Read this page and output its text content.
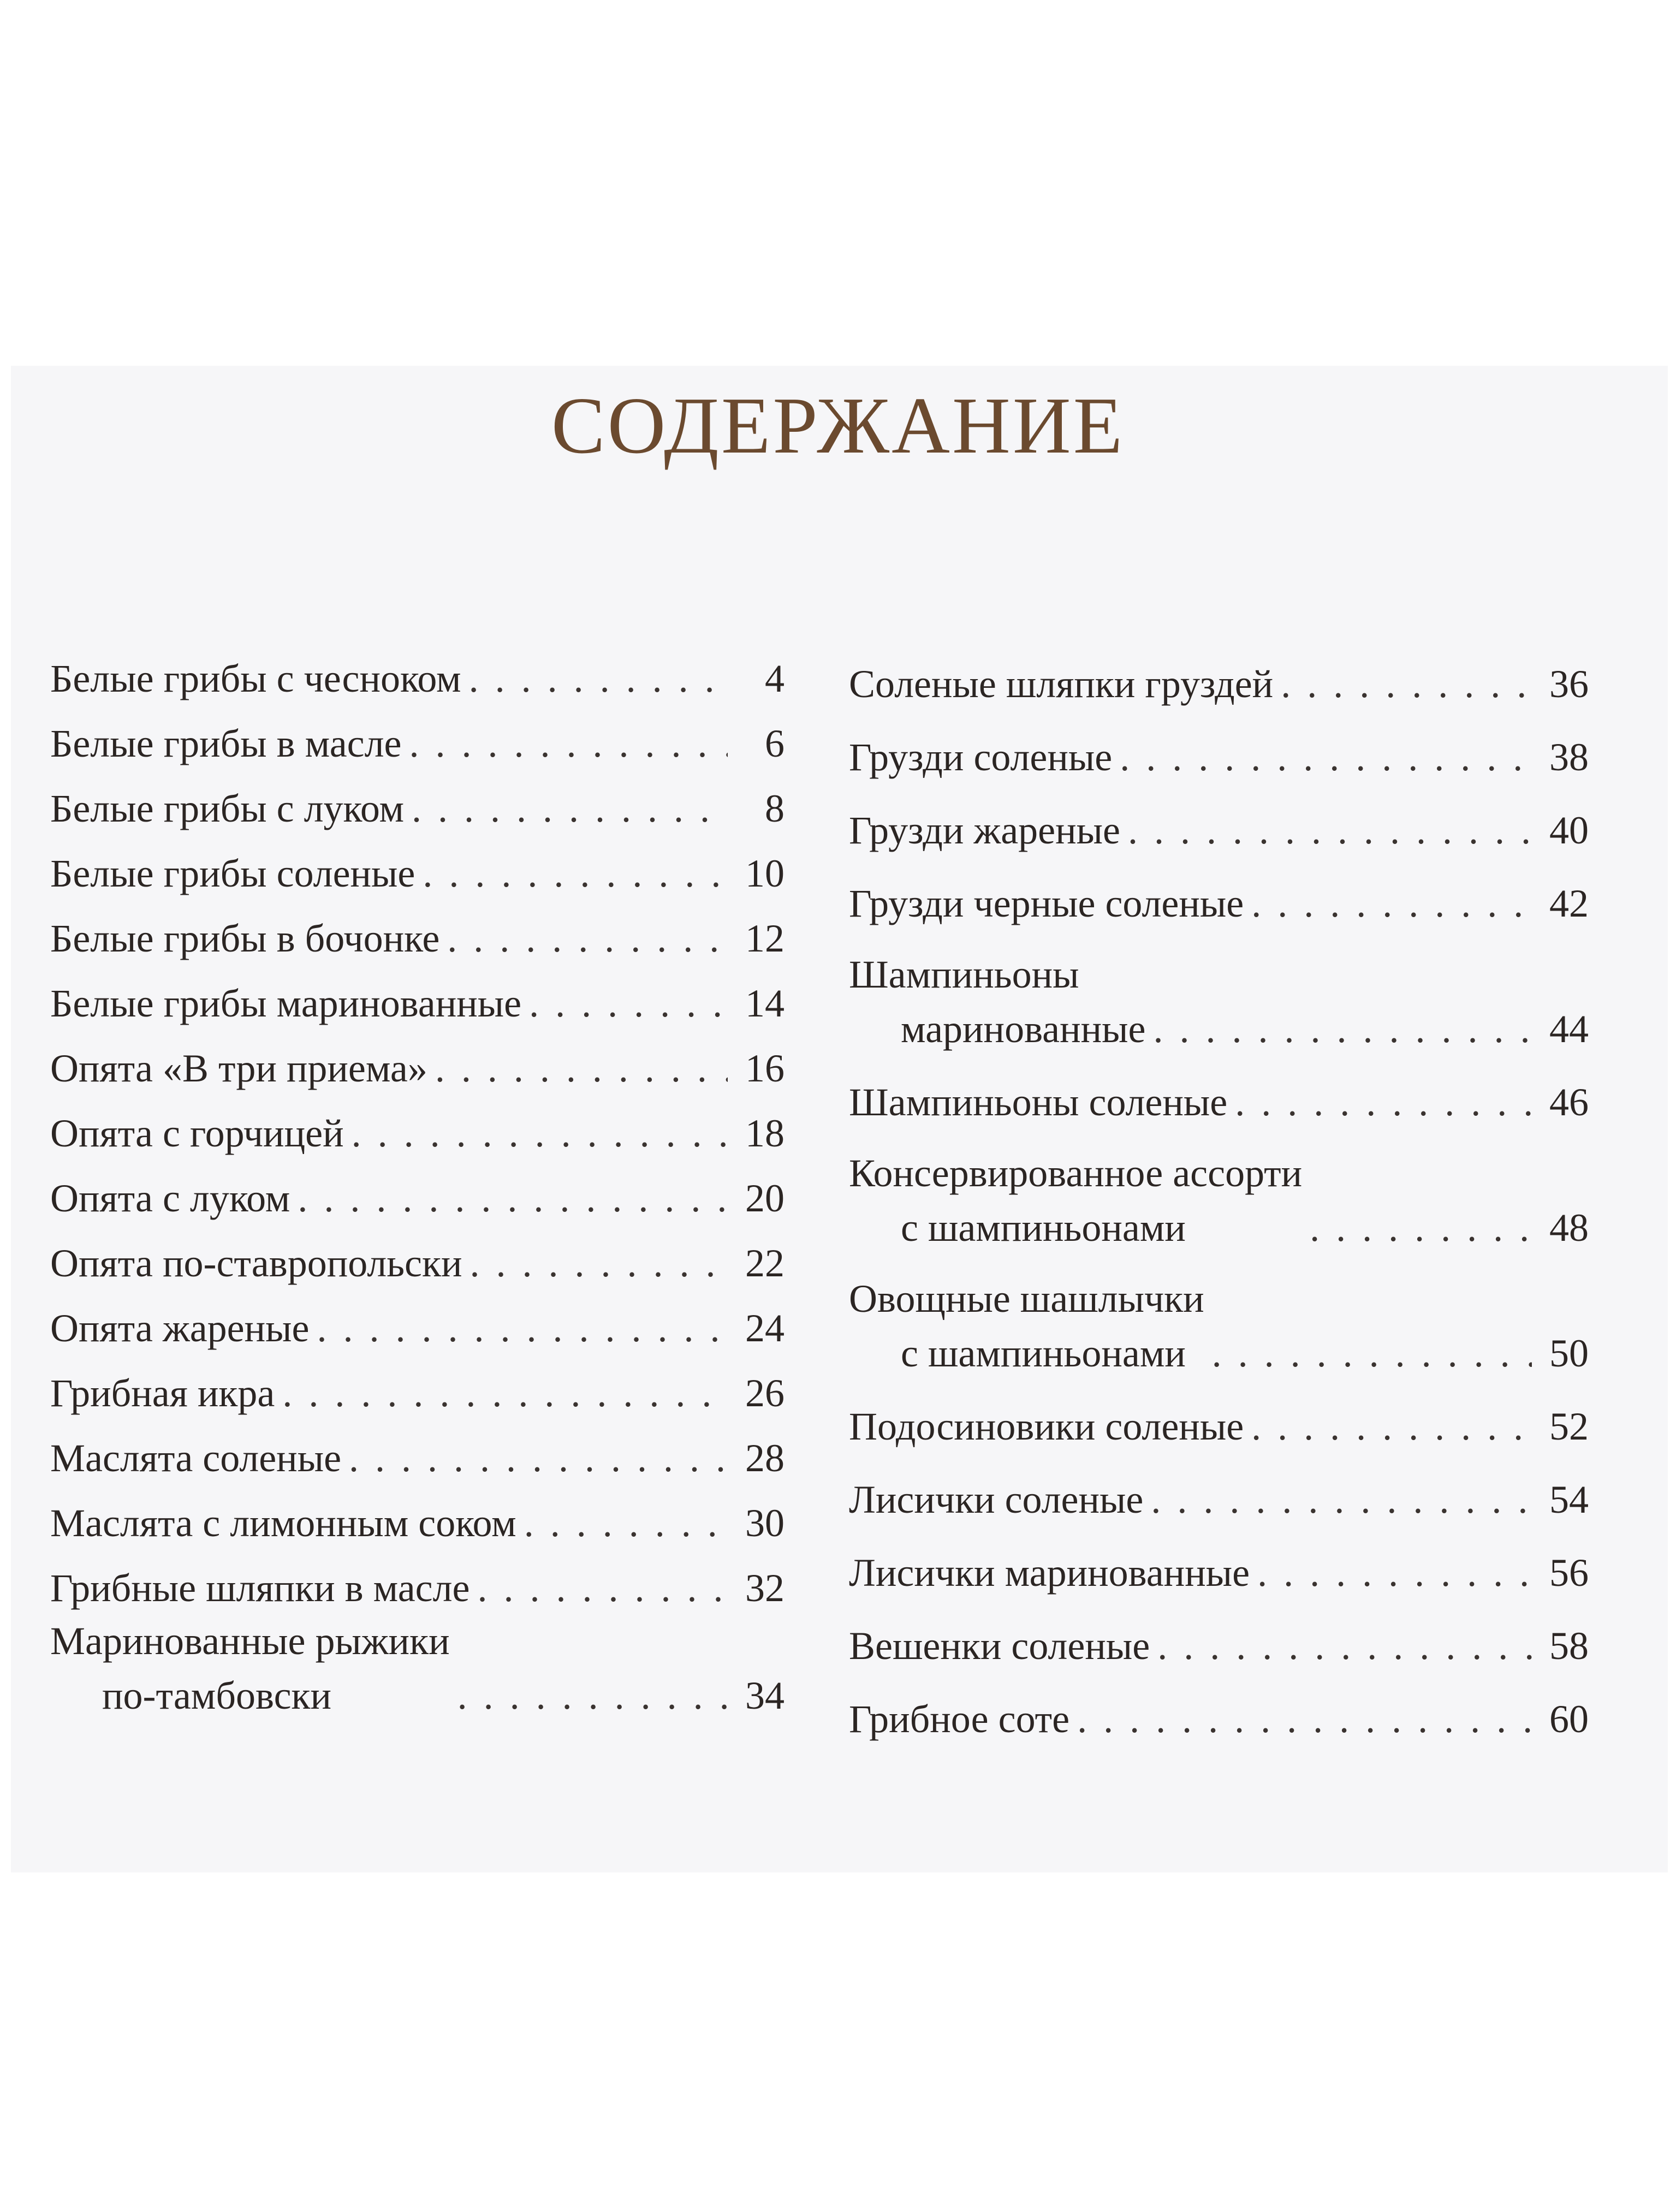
СОДЕРЖАНИЕ
Белые грибы с чесноком . . .	4
Белые грибы в масле . . .	6
Белые грибы с луком . . .	8
Белые грибы соленые . . .	10
Белые грибы в бочонке . . .	12
Белые грибы маринованные . . .	14
Опята «В три приема» . . .	16
Опята с горчицей . . .	18
Опята с луком . . .	20
Опята по-ставропольски . . .	22
Опята жареные . . .	24
Грибная икра . . .	26
Маслята соленые . . .	28
Маслята с лимонным соком . . .	30
Грибные шляпки в масле . . .	32
Маринованные рыжики
по-тамбовски . . .	34
Соленые шляпки груздей . . .	36
Грузди соленые . . .	38
Грузди жареные . . .	40
Грузди черные соленые . . .	42
Шампиньоны
маринованные . . .	44
Шампиньоны соленые . . .	46
Консервированное ассорти
с шампиньонами . . .	48
Овощные шашлычки
с шампиньонами . . .	50
Подосиновики соленые . . .	52
Лисички соленые . . .	54
Лисички маринованные . . .	56
Вешенки соленые . . .	58
Грибное соте . . .	60
